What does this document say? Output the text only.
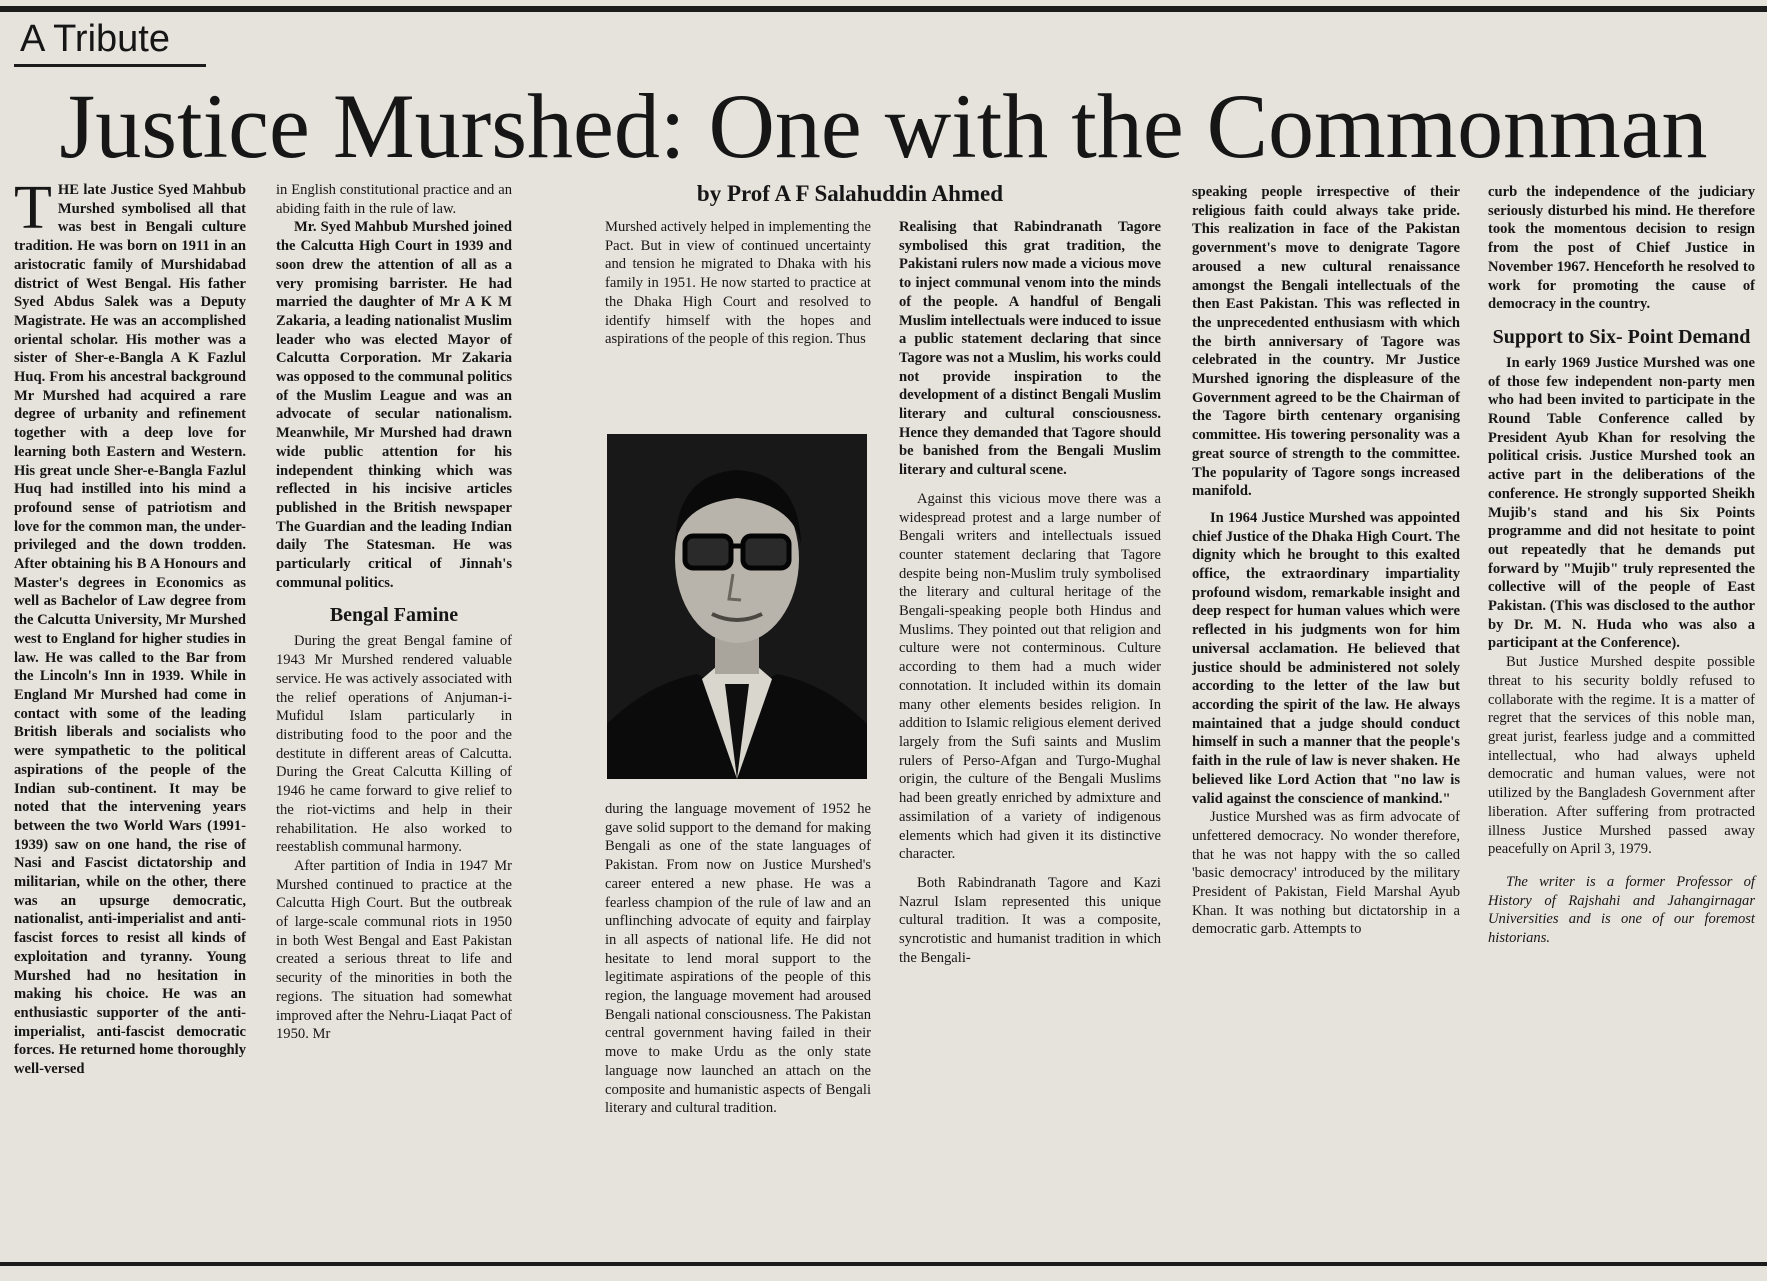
A Tribute
Justice Murshed: One with the Commonman
by Prof A F Salahuddin Ahmed
T HE late Justice Syed Mahbub Murshed symbolised all that was best in Bengali culture tradition. He was born on 1911 in an aristocratic family of Murshidabad district of West Bengal. His father Syed Abdus Salek was a Deputy Magistrate. He was an accomplished oriental scholar. His mother was a sister of Sher-e-Bangla A K Fazlul Huq. From his ancestral background Mr Murshed had acquired a rare degree of urbanity and refinement together with a deep love for learning both Eastern and Western. His great uncle Sher-e-Bangla Fazlul Huq had instilled into his mind a profound sense of patriotism and love for the common man, the under-privileged and the down trodden. After obtaining his B A Honours and Master's degrees in Economics as well as Bachelor of Law degree from the Calcutta University, Mr Murshed west to England for higher studies in law. He was called to the Bar from the Lincoln's Inn in 1939. While in England Mr Murshed had come in contact with some of the leading British liberals and socialists who were sympathetic to the political aspirations of the people of the Indian sub-continent. It may be noted that the intervening years between the two World Wars (1991-1939) saw on one hand, the rise of Nasi and Fascist dictatorship and militarian, while on the other, there was an upsurge democratic, nationalist, anti-imperialist and anti-fascist forces to resist all kinds of exploitation and tyranny. Young Murshed had no hesitation in making his choice. He was an enthusiastic supporter of the anti-imperialist, anti-fascist democratic forces. He returned home thoroughly well-versed

in English constitutional practice and an abiding faith in the rule of law.

Mr. Syed Mahbub Murshed joined the Calcutta High Court in 1939 and soon drew the attention of all as a very promising barrister. He had married the daughter of Mr A K M Zakaria, a leading nationalist Muslim leader who was elected Mayor of Calcutta Corporation. Mr Zakaria was opposed to the communal politics of the Muslim League and was an advocate of secular nationalism. Meanwhile, Mr Murshed had drawn wide public attention for his independent thinking which was reflected in his incisive articles published in the British newspaper The Guardian and the leading Indian daily The Statesman. He was particularly critical of Jinnah's communal politics.

Bengal Famine

During the great Bengal famine of 1943 Mr Murshed rendered valuable service. He was actively associated with the relief operations of Anjuman-i-Mufidul Islam particularly in distributing food to the poor and the destitute in different areas of Calcutta. During the Great Calcutta Killing of 1946 he came forward to give relief to the riot-victims and help in their rehabilitation. He also worked to reestablish communal harmony.

After partition of India in 1947 Mr Murshed continued to practice at the Calcutta High Court. But the outbreak of large-scale communal riots in 1950 in both West Bengal and East Pakistan created a serious threat to life and security of the minorities in both the regions. The situation had somewhat improved after the Nehru-Liaqat Pact of 1950. Mr

Murshed actively helped in implementing the Pact. But in view of continued uncertainty and tension he migrated to Dhaka with his family in 1951. He now started to practice at the Dhaka High Court and resolved to identify himself with the hopes and aspirations of the people of this region. Thus

during the language movement of 1952 he gave solid support to the demand for making Bengali as one of the state languages of Pakistan. From now on Justice Murshed's career entered a new phase. He was a fearless champion of the rule of law and an unflinching advocate of equity and fairplay in all aspects of national life. He did not hesitate to lend moral support to the legitimate aspirations of the people of this region, the language movement had aroused Bengali national consciousness. The Pakistan central government having failed in their move to make Urdu as the only state language now launched an attach on the composite and humanistic aspects of Bengali literary and cultural tradition.

Realising that Rabindranath Tagore symbolised this grat tradition, the Pakistani rulers now made a vicious move to inject communal venom into the minds of the people. A handful of Bengali Muslim intellectuals were induced to issue a public statement declaring that since Tagore was not a Muslim, his works could not provide inspiration to the development of a distinct Bengali Muslim literary and cultural consciousness. Hence they demanded that Tagore should be banished from the Bengali Muslim literary and cultural scene.

Against this vicious move there was a widespread protest and a large number of Bengali writers and intellectuals issued counter statement declaring that Tagore despite being non-Muslim truly symbolised the literary and cultural heritage of the Bengali-speaking people both Hindus and Muslims. They pointed out that religion and culture were not conterminous. Culture according to them had a much wider connotation. It included within its domain many other elements besides religion. In addition to Islamic religious element derived largely from the Sufi saints and Muslim rulers of Perso-Afgan and Turgo-Mughal origin, the culture of the Bengali Muslims had been greatly enriched by admixture and assimilation of a variety of indigenous elements which had given it its distinctive character.

Both Rabindranath Tagore and Kazi Nazrul Islam represented this unique cultural tradition. It was a composite, syncrotistic and humanist tradition in which the Bengali-

speaking people irrespective of their religious faith could always take pride. This realization in face of the Pakistan government's move to denigrate Tagore aroused a new cultural renaissance amongst the Bengali intellectuals of the then East Pakistan. This was reflected in the unprecedented enthusiasm with which the birth anniversary of Tagore was celebrated in the country. Mr Justice Murshed ignoring the displeasure of the Government agreed to be the Chairman of the Tagore birth centenary organising committee. His towering personality was a great source of strength to the committee. The popularity of Tagore songs increased manifold.

In 1964 Justice Murshed was appointed chief Justice of the Dhaka High Court. The dignity which he brought to this exalted office, the extraordinary impartiality profound wisdom, remarkable insight and deep respect for human values which were reflected in his judgments won for him universal acclamation. He believed that justice should be administered not solely according to the letter of the law but according the spirit of the law. He always maintained that a judge should conduct himself in such a manner that the people's faith in the rule of law is never shaken. He believed like Lord Action that "no law is valid against the conscience of mankind."

Justice Murshed was as firm advocate of unfettered democracy. No wonder therefore, that he was not happy with the so called 'basic democracy' introduced by the military President of Pakistan, Field Marshal Ayub Khan. It was nothing but dictatorship in a democratic garb. Attempts to

curb the independence of the judiciary seriously disturbed his mind. He therefore took the momentous decision to resign from the post of Chief Justice in November 1967. Henceforth he resolved to work for promoting the cause of democracy in the country.

Support to Six- Point Demand

In early 1969 Justice Murshed was one of those few independent non-party men who had been invited to participate in the Round Table Conference called by President Ayub Khan for resolving the political crisis. Justice Murshed took an active part in the deliberations of the conference. He strongly supported Sheikh Mujib's stand and his Six Points programme and did not hesitate to point out repeatedly that he demands put forward by "Mujib" truly represented the collective will of the people of East Pakistan. (This was disclosed to the author by Dr. M. N. Huda who was also a participant at the Conference).

But Justice Murshed despite possible threat to his security boldly refused to collaborate with the regime. It is a matter of regret that the services of this noble man, great jurist, fearless judge and a committed intellectual, who had always upheld democratic and human values, were not utilized by the Bangladesh Government after liberation. After suffering from protracted illness Justice Murshed passed away peacefully on April 3, 1979.

The writer is a former Professor of History of Rajshahi and Jahangirnagar Universities and is one of our foremost historians.
